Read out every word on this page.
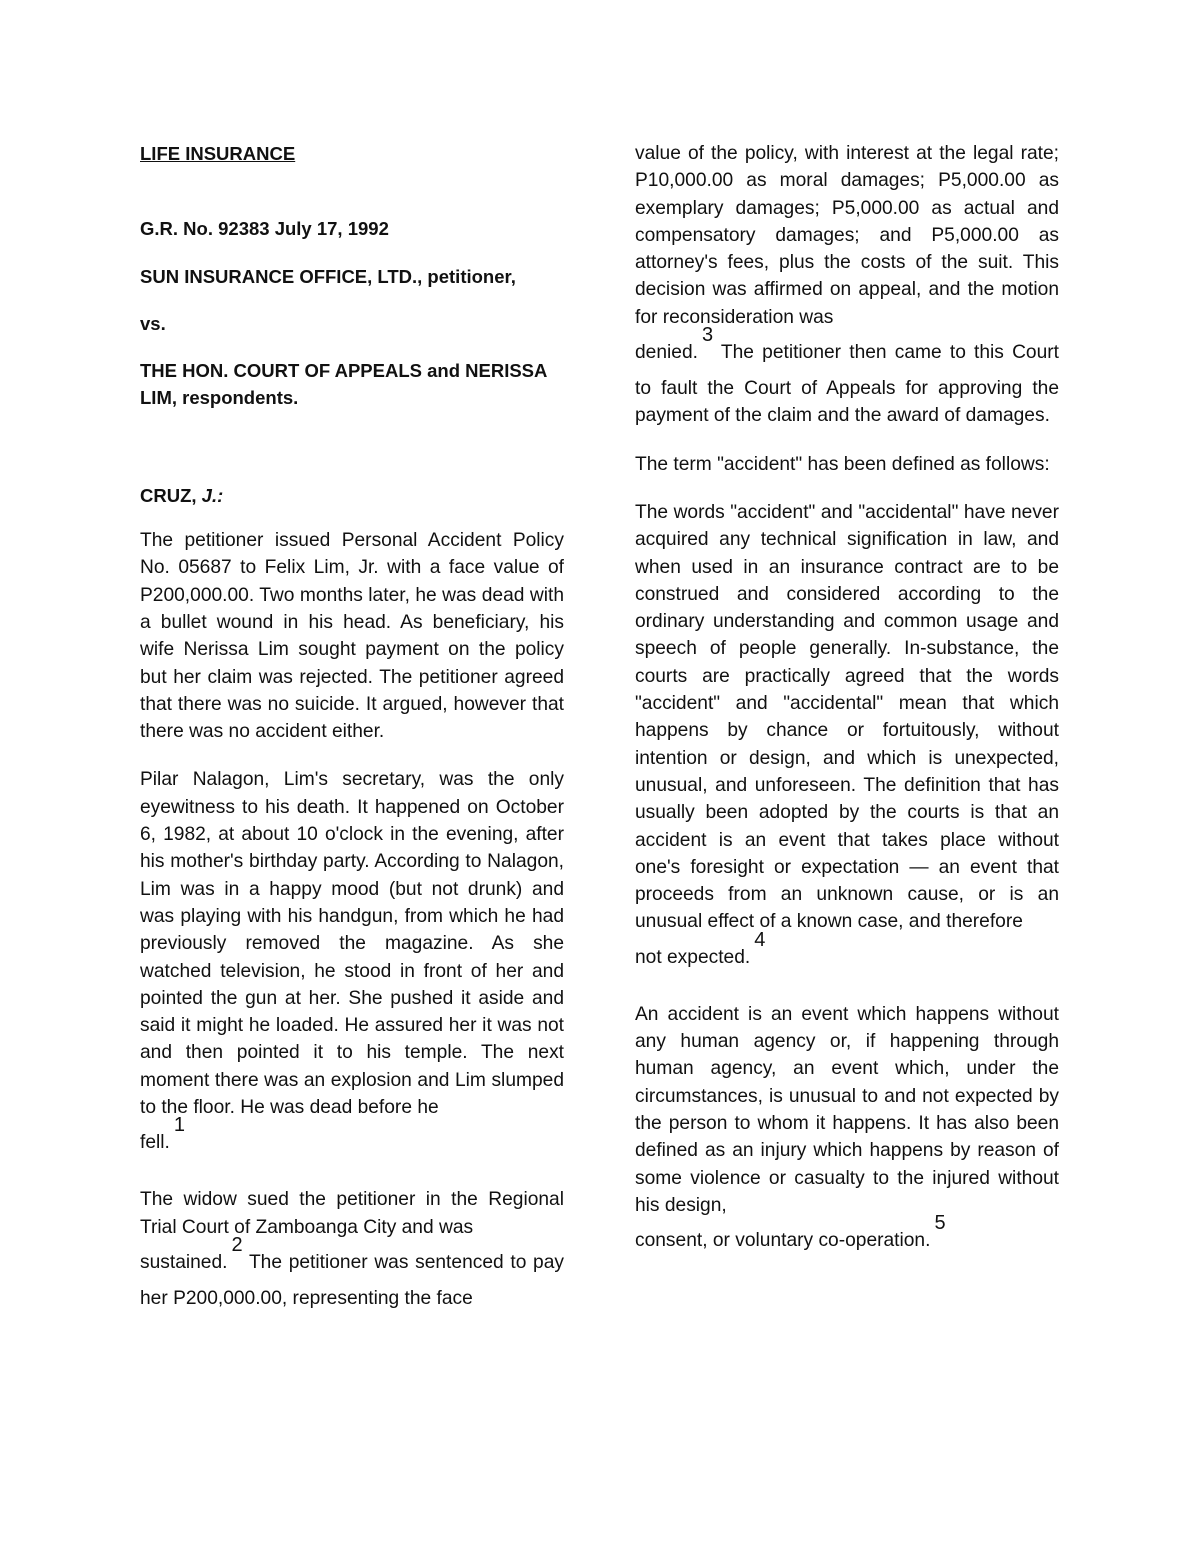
LIFE INSURANCE
G.R. No. 92383 July 17, 1992
SUN INSURANCE OFFICE, LTD., petitioner,
vs.
THE HON. COURT OF APPEALS and NERISSA LIM, respondents.
CRUZ, J.:

The petitioner issued Personal Accident Policy No. 05687 to Felix Lim, Jr. with a face value of P200,000.00. Two months later, he was dead with a bullet wound in his head. As beneficiary, his wife Nerissa Lim sought payment on the policy but her claim was rejected. The petitioner agreed that there was no suicide. It argued, however that there was no accident either.

Pilar Nalagon, Lim's secretary, was the only eyewitness to his death. It happened on October 6, 1982, at about 10 o'clock in the evening, after his mother's birthday party. According to Nalagon, Lim was in a happy mood (but not drunk) and was playing with his handgun, from which he had previously removed the magazine. As she watched television, he stood in front of her and pointed the gun at her. She pushed it aside and said it might he loaded. He assured her it was not and then pointed it to his temple. The next moment there was an explosion and Lim slumped to the floor. He was dead before he
fell.$^1$

The widow sued the petitioner in the Regional Trial Court of Zamboanga City and was
sustained.$^2$ The petitioner was sentenced to pay her P200,000.00, representing the face

value of the policy, with interest at the legal rate; P10,000.00 as moral damages; P5,000.00 as exemplary damages; P5,000.00 as actual and compensatory damages; and P5,000.00 as attorney's fees, plus the costs of the suit. This decision was affirmed on appeal, and the motion for reconsideration was
denied.$^3$ The petitioner then came to this Court to fault the Court of Appeals for approving the payment of the claim and the award of damages.

The term "accident" has been defined as follows:

The words "accident" and "accidental" have never acquired any technical signification in law, and when used in an insurance contract are to be construed and considered according to the ordinary understanding and common usage and speech of people generally. In-substance, the courts are practically agreed that the words "accident" and "accidental" mean that which happens by chance or fortuitously, without intention or design, and which is unexpected, unusual, and unforeseen. The definition that has usually been adopted by the courts is that an accident is an event that takes place without one's foresight or expectation — an event that proceeds from an unknown cause, or is an unusual effect of a known case, and therefore
not expected.$^4$

An accident is an event which happens without any human agency or, if happening through human agency, an event which, under the circumstances, is unusual to and not expected by the person to whom it happens. It has also been defined as an injury which happens by reason of some violence or casualty to the injured without his design,
consent, or voluntary co-operation.$^5$
